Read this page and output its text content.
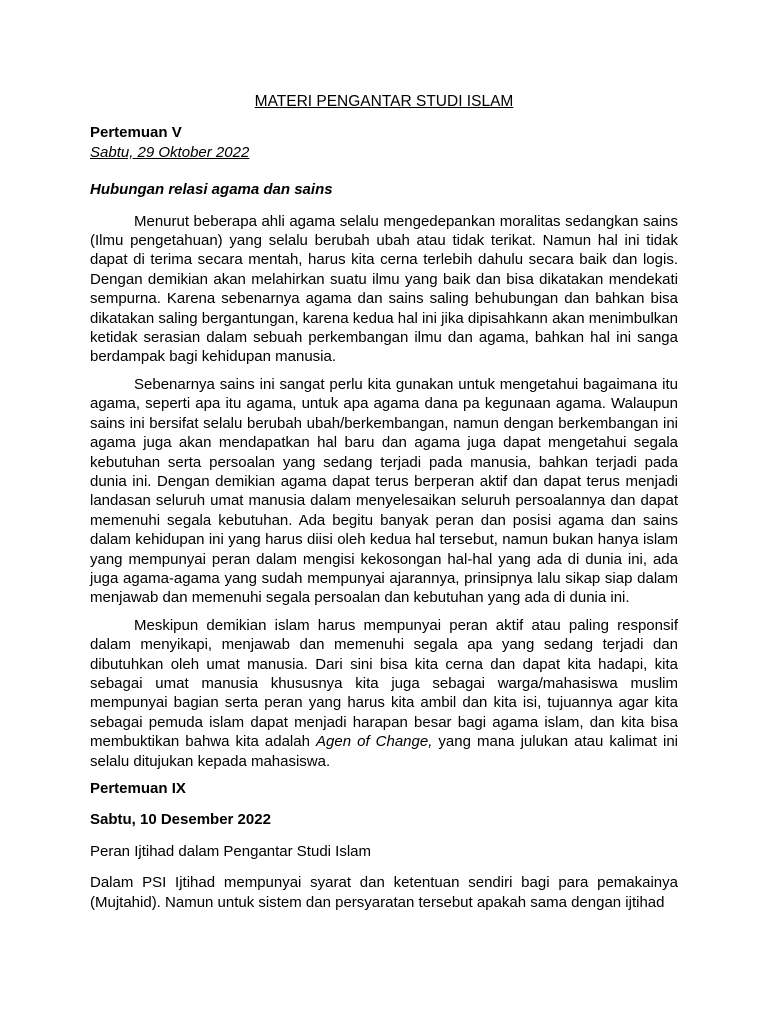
MATERI PENGANTAR STUDI ISLAM

Pertemuan V

Sabtu, 29 Oktober 2022

Hubungan relasi agama dan sains

Menurut beberapa ahli agama selalu mengedepankan moralitas sedangkan sains (Ilmu pengetahuan) yang selalu berubah ubah atau tidak terikat. Namun hal ini tidak dapat di terima secara mentah, harus kita cerna terlebih dahulu secara baik dan logis. Dengan demikian akan melahirkan suatu ilmu yang baik dan bisa dikatakan mendekati sempurna. Karena sebenarnya agama dan sains saling behubungan dan bahkan bisa dikatakan saling bergantungan, karena kedua hal ini jika dipisahkann akan menimbulkan ketidak serasian dalam sebuah perkembangan ilmu dan agama, bahkan hal ini sanga berdampak bagi kehidupan manusia.

Sebenarnya sains ini sangat perlu kita gunakan untuk mengetahui bagaimana itu agama, seperti apa itu agama, untuk apa agama dana pa kegunaan agama. Walaupun sains ini bersifat selalu berubah ubah/berkembangan, namun dengan berkembangan ini agama juga akan mendapatkan hal baru dan agama juga dapat mengetahui segala kebutuhan serta persoalan yang sedang terjadi pada manusia, bahkan terjadi pada dunia ini. Dengan demikian agama dapat terus berperan aktif dan dapat terus menjadi landasan seluruh umat manusia dalam menyelesaikan seluruh persoalannya dan dapat memenuhi segala kebutuhan. Ada begitu banyak peran dan posisi agama dan sains dalam kehidupan ini yang harus diisi oleh kedua hal tersebut, namun bukan hanya islam yang mempunyai peran dalam mengisi kekosongan hal-hal yang ada di dunia ini, ada juga agama-agama yang sudah mempunyai ajarannya, prinsipnya lalu sikap siap dalam menjawab dan memenuhi segala persoalan dan kebutuhan yang ada di dunia ini.

Meskipun demikian islam harus mempunyai peran aktif atau paling responsif dalam menyikapi, menjawab dan memenuhi segala apa yang sedang terjadi dan dibutuhkan oleh umat manusia. Dari sini bisa kita cerna dan dapat kita hadapi, kita sebagai umat manusia khususnya kita juga sebagai warga/mahasiswa muslim mempunyai bagian serta peran yang harus kita ambil dan kita isi, tujuannya agar kita sebagai pemuda islam dapat menjadi harapan besar bagi agama islam, dan kita bisa membuktikan bahwa kita adalah Agen of Change, yang mana julukan atau kalimat ini selalu ditujukan kepada mahasiswa.

Pertemuan IX

Sabtu, 10 Desember 2022

Peran Ijtihad dalam Pengantar Studi Islam

Dalam PSI Ijtihad mempunyai syarat dan ketentuan sendiri bagi para pemakainya (Mujtahid). Namun untuk sistem dan persyaratan tersebut apakah sama dengan ijtihad
